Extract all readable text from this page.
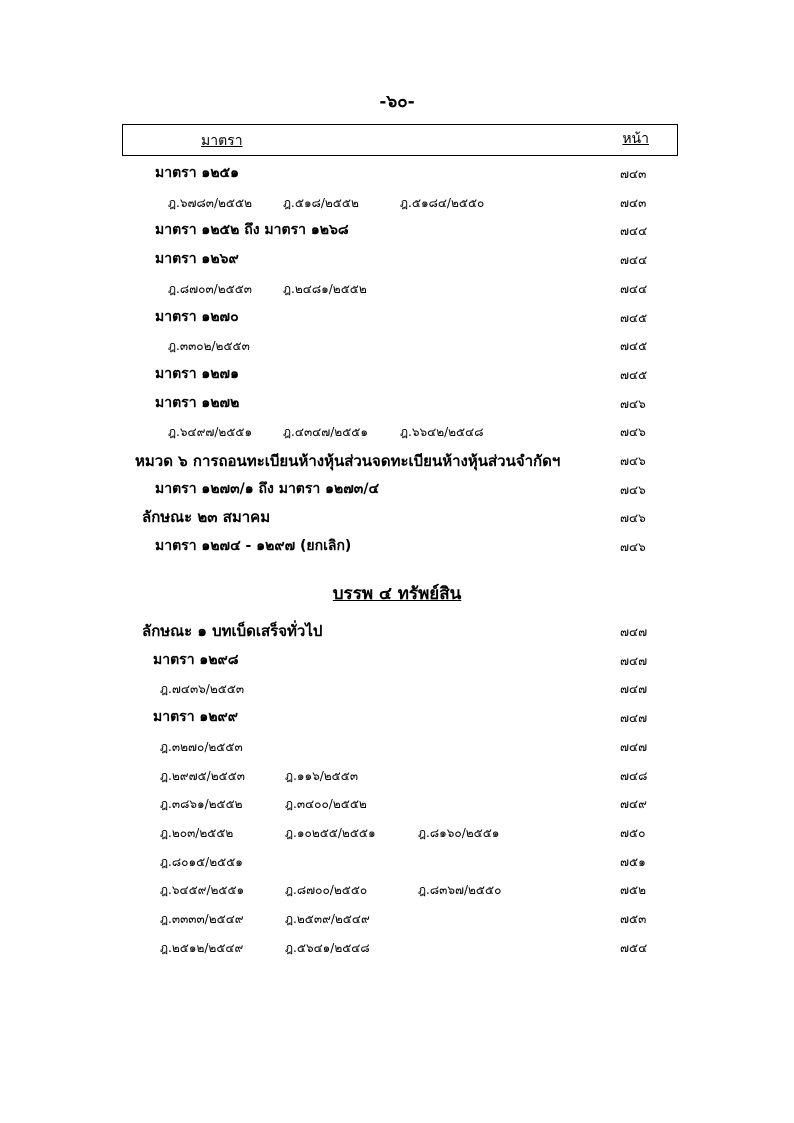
-๖๐-
มาตรา	หน้า
บรรพ ๔ ทรัพย์สิน
มาตรา ๑๒๕๑	๗๔๓
ฎ.๖๗๘๓/๒๕๕๒	ฎ.๕๑๘/๒๕๕๒	ฎ.๕๑๘๔/๒๕๕๐	๗๔๓
มาตรา ๑๒๕๒ ถึง มาตรา ๑๒๖๘	๗๔๔
มาตรา ๑๒๖๙	๗๔๔
ฎ.๘๗๐๓/๒๕๕๓	ฎ.๒๔๘๑/๒๕๕๒	๗๔๔
มาตรา ๑๒๗๐	๗๔๕
ฎ.๓๓๐๒/๒๕๕๓	๗๔๕
มาตรา ๑๒๗๑	๗๔๕
มาตรา ๑๒๗๒	๗๔๖
ฎ.๖๔๙๗/๒๕๕๑	ฎ.๔๓๔๗/๒๕๕๑	ฎ.๖๖๔๒/๒๕๔๘	๗๔๖
หมวด ๖ การถอนทะเบียนห้างหุ้นส่วนจดทะเบียนห้างหุ้นส่วนจำกัดฯ	๗๔๖
มาตรา ๑๒๗๓/๑ ถึง มาตรา ๑๒๗๓/๔	๗๔๖
ลักษณะ ๒๓ สมาคม	๗๔๖
มาตรา ๑๒๗๔ - ๑๒๙๗ (ยกเลิก)	๗๔๖
ลักษณะ ๑ บทเบ็ดเสร็จทั่วไป	๗๔๗
มาตรา ๑๒๙๘	๗๔๗
ฎ.๗๔๓๖/๒๕๕๓	๗๔๗
มาตรา ๑๒๙๙	๗๔๗
ฎ.๓๒๗๐/๒๕๕๓	๗๔๗
ฎ.๒๙๗๕/๒๕๕๓	ฎ.๑๑๖/๒๕๕๓	๗๔๘
ฎ.๓๘๖๑/๒๕๕๒	ฎ.๓๔๐๐/๒๕๕๒	๗๔๙
ฎ.๒๐๓/๒๕๕๒	ฎ.๑๐๒๕๕/๒๕๕๑	ฎ.๘๑๖๐/๒๕๕๑	๗๕๐
ฎ.๘๐๑๕/๒๕๕๑	๗๕๑
ฎ.๖๔๕๙/๒๕๕๑	ฎ.๘๗๐๐/๒๕๕๐	ฎ.๘๓๖๗/๒๕๕๐	๗๕๒
ฎ.๓๓๓๓/๒๕๔๙	ฎ.๒๕๓๙/๒๕๔๙	๗๕๓
ฎ.๒๕๑๒/๒๕๔๙	ฎ.๕๖๔๑/๒๕๔๘	๗๕๔
